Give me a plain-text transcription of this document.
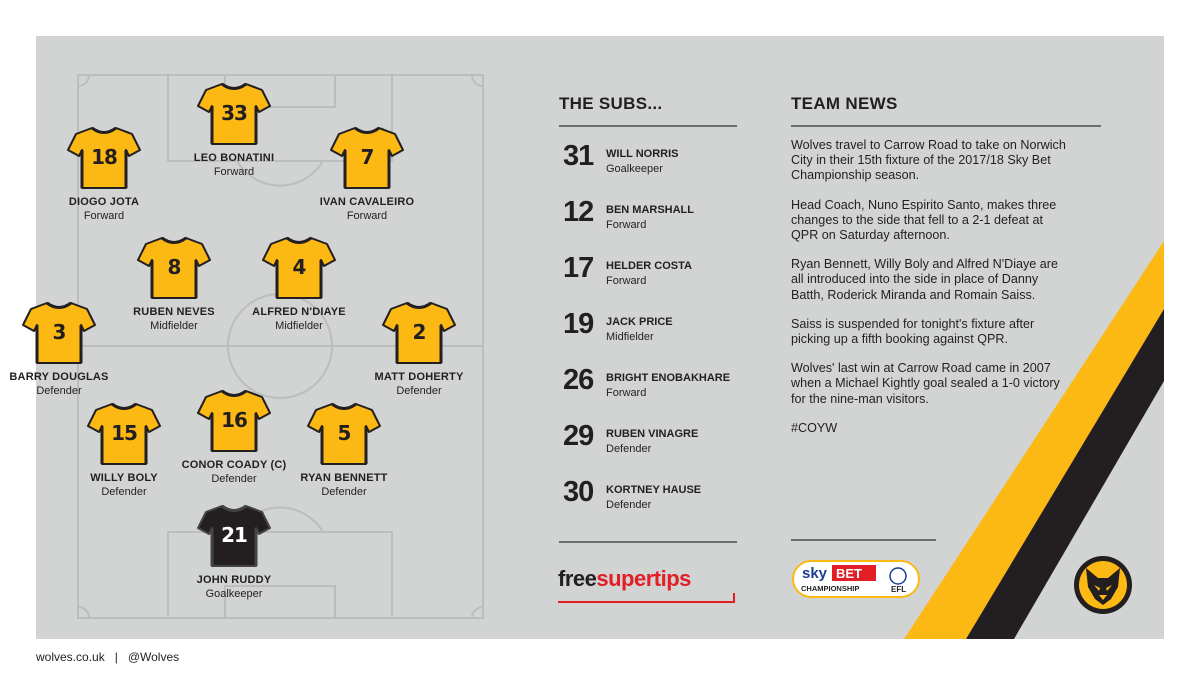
33
LEO BONATINI
Forward
18
DIOGO JOTA
Forward
7
IVAN CAVALEIRO
Forward
8
RUBEN NEVES
Midfielder
4
ALFRED N'DIAYE
Midfielder
3
BARRY DOUGLAS
Defender
2
MATT DOHERTY
Defender
15
WILLY BOLY
Defender
16
CONOR COADY (C)
Defender
5
RYAN BENNETT
Defender
21
JOHN RUDDY
Goalkeeper
THE SUBS...
31 WILL NORRIS
Goalkeeper
12 BEN MARSHALL
Forward
17 HELDER COSTA
Forward
19 JACK PRICE
Midfielder
26 BRIGHT ENOBAKHARE
Forward
29 RUBEN VINAGRE
Defender
30 KORTNEY HAUSE
Defender
TEAM NEWS

Wolves travel to Carrow Road to take on Norwich City in their 15th fixture of the 2017/18 Sky Bet Championship season.

Head Coach, Nuno Espirito Santo, makes three changes to the side that fell to a 2-1 defeat at QPR on Saturday afternoon.

Ryan Bennett, Willy Boly and Alfred N'Diaye are all introduced into the side in place of Danny Batth, Roderick Miranda and Romain Saiss.

Saiss is suspended for tonight's fixture after picking up a fifth booking against QPR.

Wolves' last win at Carrow Road came in 2007 when a Michael Kightly goal sealed a 1-0 victory for the nine-man visitors.

#COYW

freesupertips	sky BET
CHAMPIONSHIP	EFL
wolves.co.uk   |   @Wolves
